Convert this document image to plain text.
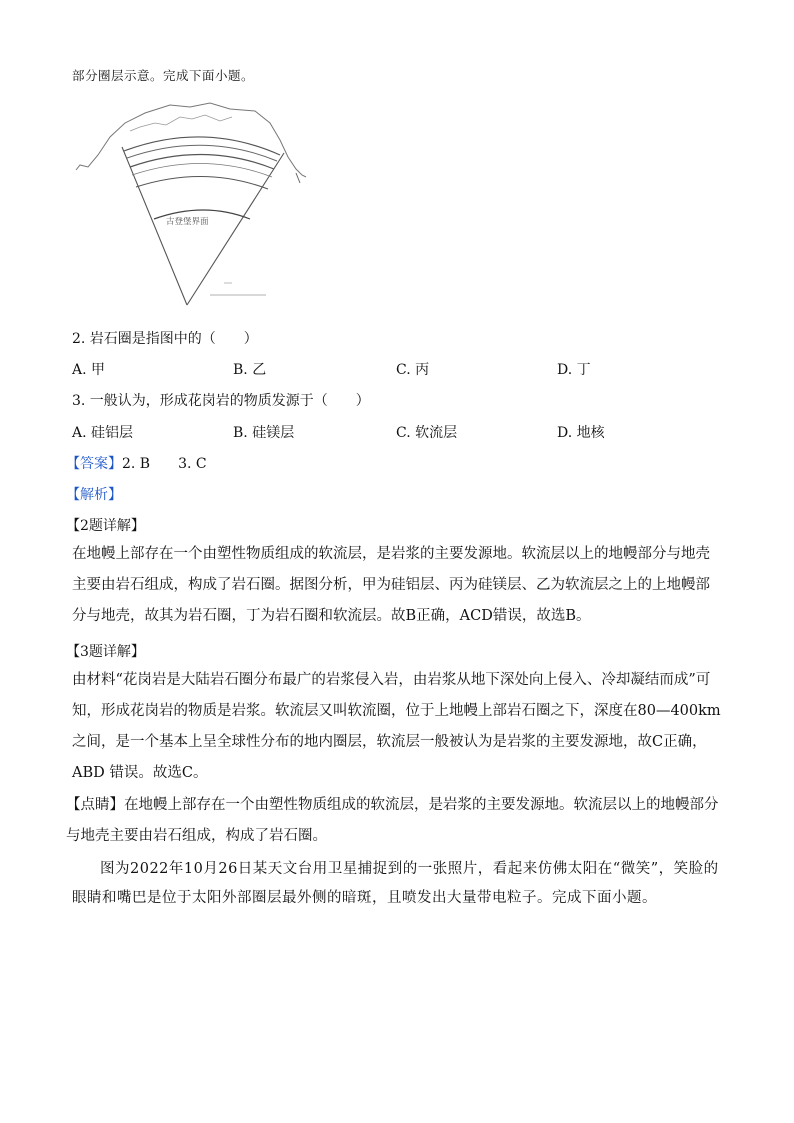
部分圈层示意。完成下面小题。
古登堡界面
2. 岩石圈是指图中的（　　）
A. 甲	B. 乙	C. 丙	D. 丁
3. 一般认为，形成花岗岩的物质发源于（　　）
A. 硅铝层	B. 硅镁层	C. 软流层	D. 地核
【答案】2. B　　3. C
【解析】
【2题详解】
在地幔上部存在一个由塑性物质组成的软流层，是岩浆的主要发源地。软流层以上的地幔部分与地壳主要由岩石组成，构成了岩石圈。据图分析，甲为硅铝层、丙为硅镁层、乙为软流层之上的上地幔部分与地壳，故其为岩石圈，丁为岩石圈和软流层。故B正确，ACD错误，故选B。
【3题详解】
由材料“花岗岩是大陆岩石圈分布最广的岩浆侵入岩，由岩浆从地下深处向上侵入、冷却凝结而成”可知，形成花岗岩的物质是岩浆。软流层又叫软流圈，位于上地幔上部岩石圈之下，深度在80—400km之间，是一个基本上呈全球性分布的地内圈层，软流层一般被认为是岩浆的主要发源地，故C正确，ABD 错误。故选C。
【点睛】在地幔上部存在一个由塑性物质组成的软流层，是岩浆的主要发源地。软流层以上的地幔部分与地壳主要由岩石组成，构成了岩石圈。
图为2022年10月26日某天文台用卫星捕捉到的一张照片，看起来仿佛太阳在“微笑”，笑脸的眼睛和嘴巴是位于太阳外部圈层最外侧的暗斑，且喷发出大量带电粒子。完成下面小题。
